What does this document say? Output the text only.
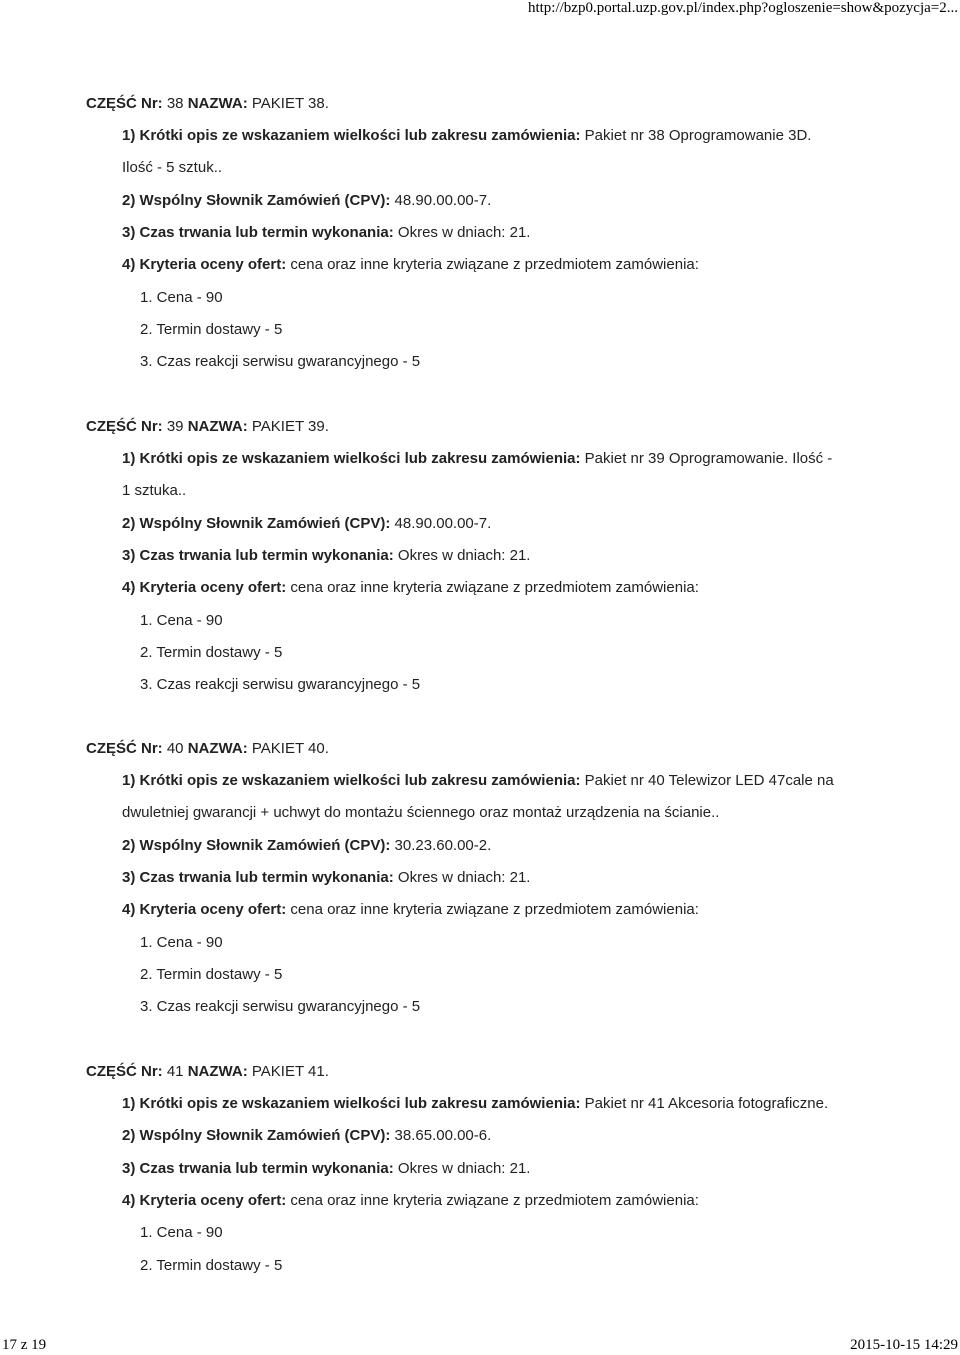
http://bzp0.portal.uzp.gov.pl/index.php?ogloszenie=show&pozycja=2...
CZĘŚĆ Nr: 38 NAZWA: PAKIET 38.
1) Krótki opis ze wskazaniem wielkości lub zakresu zamówienia: Pakiet nr 38 Oprogramowanie 3D.
Ilość - 5 sztuk..
2) Wspólny Słownik Zamówień (CPV): 48.90.00.00-7.
3) Czas trwania lub termin wykonania: Okres w dniach: 21.
4) Kryteria oceny ofert: cena oraz inne kryteria związane z przedmiotem zamówienia:
1. Cena - 90
2. Termin dostawy - 5
3. Czas reakcji serwisu gwarancyjnego - 5
CZĘŚĆ Nr: 39 NAZWA: PAKIET 39.
1) Krótki opis ze wskazaniem wielkości lub zakresu zamówienia: Pakiet nr 39 Oprogramowanie. Ilość -
1 sztuka..
2) Wspólny Słownik Zamówień (CPV): 48.90.00.00-7.
3) Czas trwania lub termin wykonania: Okres w dniach: 21.
4) Kryteria oceny ofert: cena oraz inne kryteria związane z przedmiotem zamówienia:
1. Cena - 90
2. Termin dostawy - 5
3. Czas reakcji serwisu gwarancyjnego - 5
CZĘŚĆ Nr: 40 NAZWA: PAKIET 40.
1) Krótki opis ze wskazaniem wielkości lub zakresu zamówienia: Pakiet nr 40 Telewizor LED 47cale na
dwuletniej gwarancji + uchwyt do montażu ściennego oraz montaż urządzenia na ścianie..
2) Wspólny Słownik Zamówień (CPV): 30.23.60.00-2.
3) Czas trwania lub termin wykonania: Okres w dniach: 21.
4) Kryteria oceny ofert: cena oraz inne kryteria związane z przedmiotem zamówienia:
1. Cena - 90
2. Termin dostawy - 5
3. Czas reakcji serwisu gwarancyjnego - 5
CZĘŚĆ Nr: 41 NAZWA: PAKIET 41.
1) Krótki opis ze wskazaniem wielkości lub zakresu zamówienia: Pakiet nr 41 Akcesoria fotograficzne.
2) Wspólny Słownik Zamówień (CPV): 38.65.00.00-6.
3) Czas trwania lub termin wykonania: Okres w dniach: 21.
4) Kryteria oceny ofert: cena oraz inne kryteria związane z przedmiotem zamówienia:
1. Cena - 90
2. Termin dostawy - 5
17 z 19	2015-10-15 14:29
